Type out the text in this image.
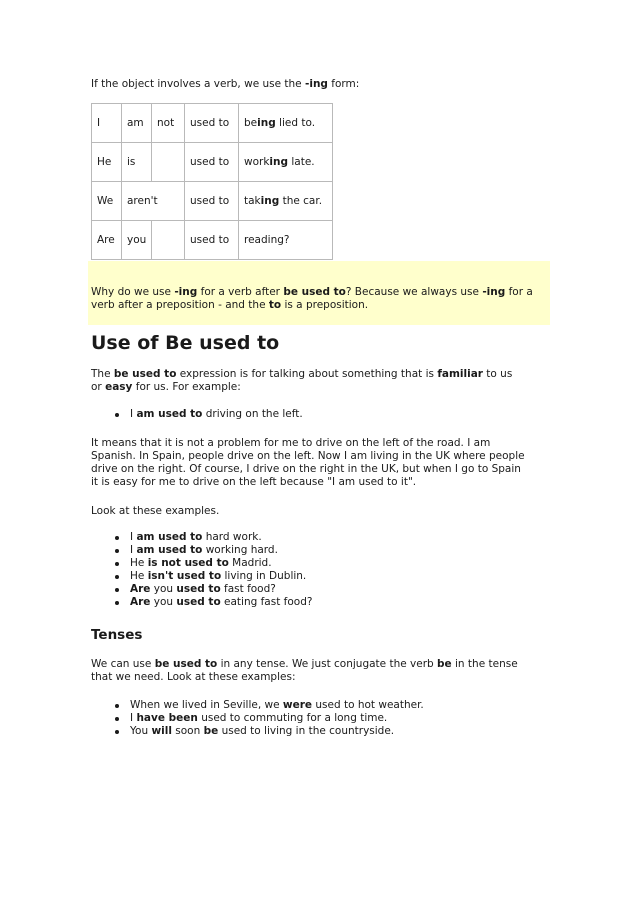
If the object involves a verb, we use the -ing form:
I	am	not	used to	being lied to.
He	is		used to	working late.
We	aren't		used to	taking the car.
Are	you		used to	reading?

Why do we use -ing for a verb after be used to? Because we always use -ing for a verb after a preposition - and the to is a preposition.

Use of Be used to

The be used to expression is for talking about something that is familiar to us
or easy for us. For example:

I am used to driving on the left.

It means that it is not a problem for me to drive on the left of the road. I am
Spanish. In Spain, people drive on the left. Now I am living in the UK where people
drive on the right. Of course, I drive on the right in the UK, but when I go to Spain
it is easy for me to drive on the left because "I am used to it".

Look at these examples.

I am used to hard work.
I am used to working hard.
He is not used to Madrid.
He isn't used to living in Dublin.
Are you used to fast food?
Are you used to eating fast food?
Tenses

We can use be used to in any tense. We just conjugate the verb be in the tense
that we need. Look at these examples:

When we lived in Seville, we were used to hot weather.
I have been used to commuting for a long time.
You will soon be used to living in the countryside.
